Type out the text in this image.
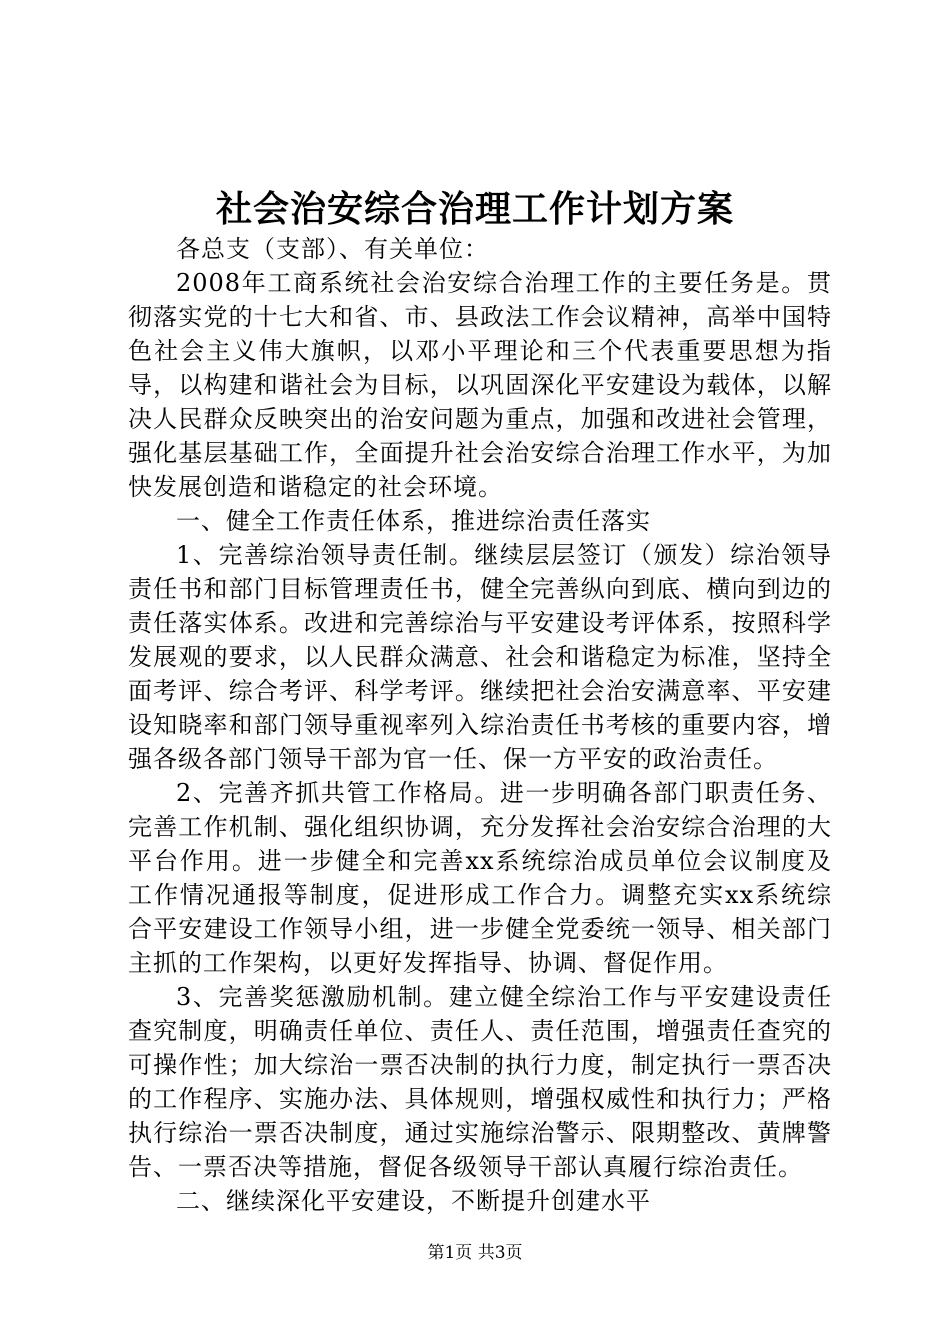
社会治安综合治理工作计划方案

各总支（支部）、有关单位：

2008年工商系统社会治安综合治理工作的主要任务是。贯彻落实党的十七大和省、市、县政法工作会议精神，高举中国特色社会主义伟大旗帜，以邓小平理论和三个代表重要思想为指导，以构建和谐社会为目标，以巩固深化平安建设为载体，以解决人民群众反映突出的治安问题为重点，加强和改进社会管理，强化基层基础工作，全面提升社会治安综合治理工作水平，为加快发展创造和谐稳定的社会环境。

一、健全工作责任体系，推进综治责任落实

1、完善综治领导责任制。继续层层签订（颁发）综治领导责任书和部门目标管理责任书，健全完善纵向到底、横向到边的责任落实体系。改进和完善综治与平安建设考评体系，按照科学发展观的要求，以人民群众满意、社会和谐稳定为标准，坚持全面考评、综合考评、科学考评。继续把社会治安满意率、平安建设知晓率和部门领导重视率列入综治责任书考核的重要内容，增强各级各部门领导干部为官一任、保一方平安的政治责任。

2、完善齐抓共管工作格局。进一步明确各部门职责任务、完善工作机制、强化组织协调，充分发挥社会治安综合治理的大平台作用。进一步健全和完善xx系统综治成员单位会议制度及工作情况通报等制度，促进形成工作合力。调整充实xx系统综合平安建设工作领导小组，进一步健全党委统一领导、相关部门主抓的工作架构，以更好发挥指导、协调、督促作用。

3、完善奖惩激励机制。建立健全综治工作与平安建设责任查究制度，明确责任单位、责任人、责任范围，增强责任查究的可操作性；加大综治一票否决制的执行力度，制定执行一票否决的工作程序、实施办法、具体规则，增强权威性和执行力；严格执行综治一票否决制度，通过实施综治警示、限期整改、黄牌警告、一票否决等措施，督促各级领导干部认真履行综治责任。

二、继续深化平安建设，不断提升创建水平

第1页 共3页
